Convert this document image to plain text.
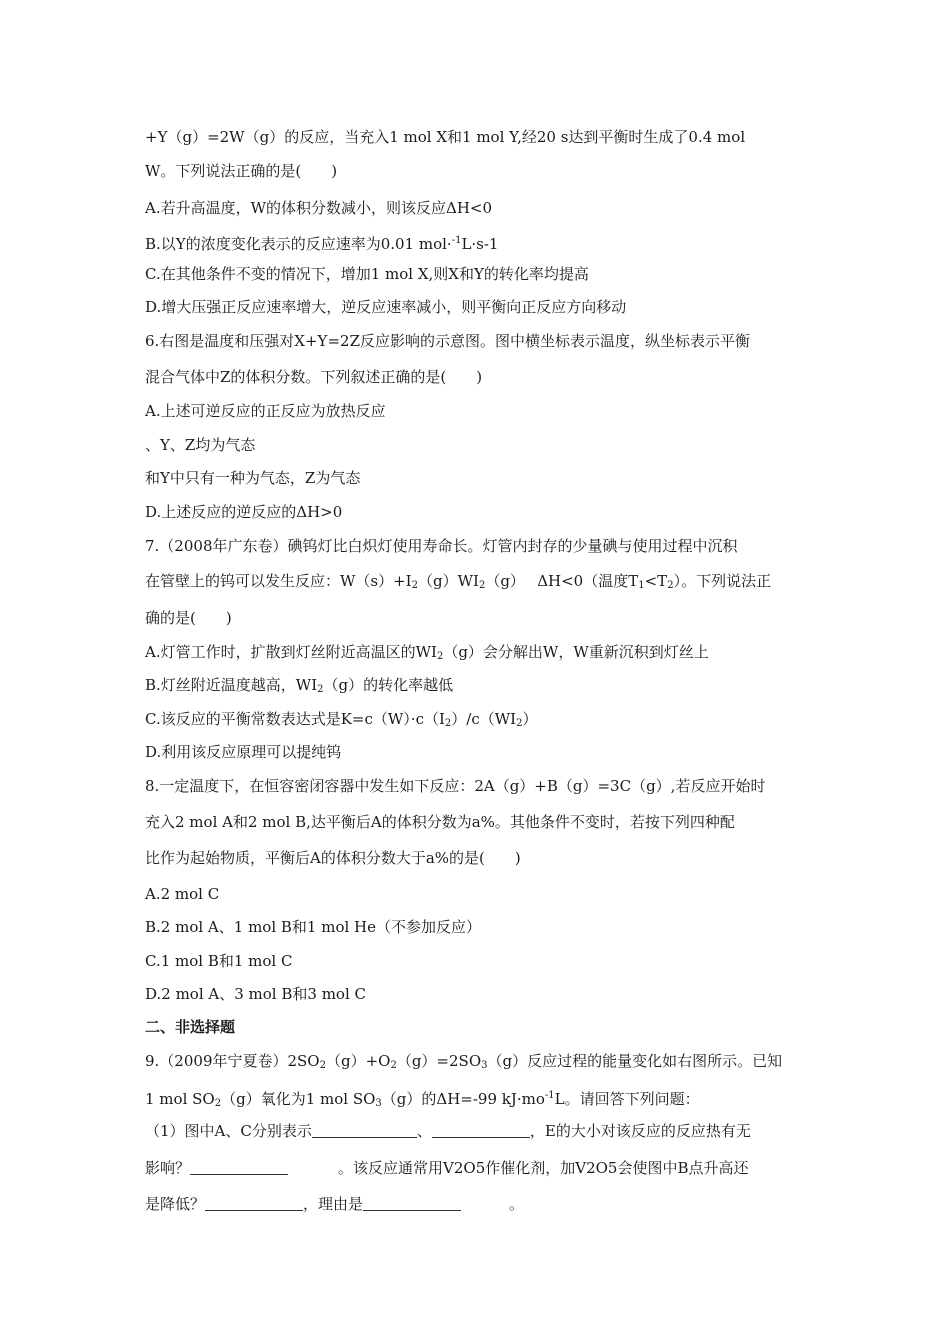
+Y（g）=2W（g）的反应，当充入1 mol X和1 mol Y,经20 s达到平衡时生成了0.4 mol
W。下列说法正确的是(　　)
A.若升高温度，W的体积分数减小，则该反应ΔH<0
B.以Y的浓度变化表示的反应速率为0.01 mol·$^{-1}$L·s-1
C.在其他条件不变的情况下，增加1 mol X,则X和Y的转化率均提高
D.增大压强正反应速率增大，逆反应速率减小，则平衡向正反应方向移动
6.右图是温度和压强对X+Y=2Z反应影响的示意图。图中横坐标表示温度，纵坐标表示平衡
混合气体中Z的体积分数。下列叙述正确的是(　　)
A.上述可逆反应的正反应为放热反应
、Y、Z均为气态
和Y中只有一种为气态，Z为气态
D.上述反应的逆反应的ΔH>0
7.（2008年广东卷）碘钨灯比白炽灯使用寿命长。灯管内封存的少量碘与使用过程中沉积
在管壁上的钨可以发生反应：$W(s)+I_2(g)WI_2(g)$　 ΔH<0（温度$T_1<T_2$）。下列说法正
确的是(　　)
A.灯管工作时，扩散到灯丝附近高温区的$WI_2(g)$会分解出W，W重新沉积到灯丝上
B.灯丝附近温度越高，$WI_2(g)$的转化率越低
C.该反应的平衡常数表达式是$K=c(W)\cdot c(I_2)/c(WI_2)$
D.利用该反应原理可以提纯钨
8.一定温度下，在恒容密闭容器中发生如下反应：2A（g）+B（g）=3C（g）,若反应开始时
充入2 mol A和2 mol B,达平衡后A的体积分数为a%。其他条件不变时，若按下列四种配
比作为起始物质，平衡后A的体积分数大于a%的是(　　)
A.2 mol C
B.2 mol A、1 mol B和1 mol He（不参加反应）
C.1 mol B和1 mol C
D.2 mol A、3 mol B和3 mol C
二、非选择题
9.（2009年宁夏卷）$2SO_2(g)+O_2(g)=2SO_3(g)$反应过程的能量变化如右图所示。已知
1 mol $SO_2(g)$氧化为1 mol $SO_3(g)$的ΔH=-99 $kJ\cdot mo^{-1}L$。请回答下列问题：
（1）图中A、C分别表示	、	，E的大小对该反应的反应热有无
影响？	。该反应通常用V2O5作催化剂，加V2O5会使图中B点升高还
是降低？	，理由是	。
